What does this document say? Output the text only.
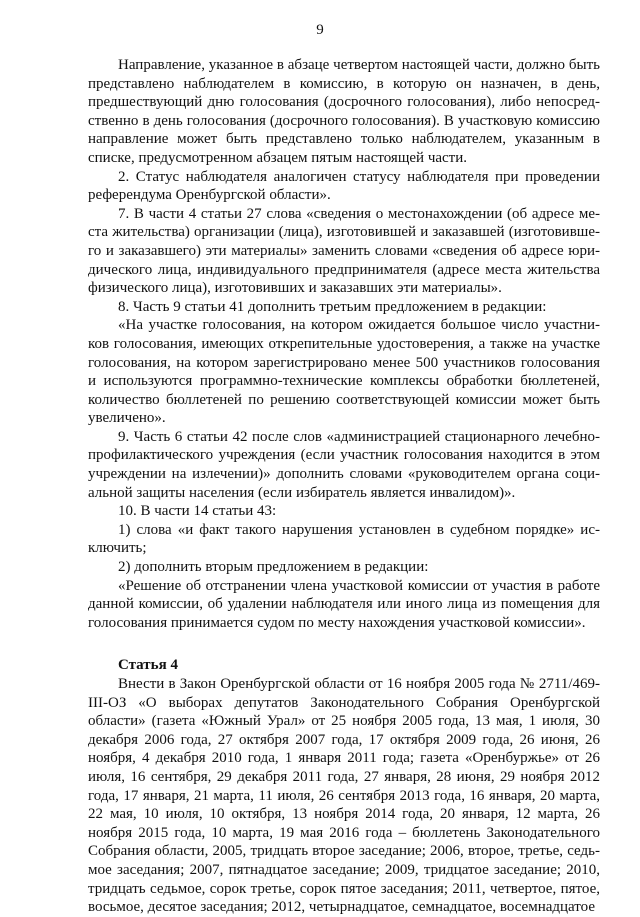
9

Направление, указанное в абзаце четвертом настоящей части, должно быть представлено наблюдателем в комиссию, в которую он назначен, в день, предшествующий дню голосования (досрочного голосования), либо непосредственно в день голосования (досрочного голосования). В участковую комиссию направление может быть представлено только наблюдателем, указанным в списке, предусмотренном абзацем пятым настоящей части.

2. Статус наблюдателя аналогичен статусу наблюдателя при проведении референдума Оренбургской области».

7. В части 4 статьи 27 слова «сведения о местонахождении (об адресе места жительства) организации (лица), изготовившей и заказавшей (изготовившего и заказавшего) эти материалы» заменить словами «сведения об адресе юридического лица, индивидуального предпринимателя (адресе места жительства физического лица), изготовивших и заказавших эти материалы».

8. Часть 9 статьи 41 дополнить третьим предложением в редакции:

«На участке голосования, на котором ожидается большое число участников голосования, имеющих открепительные удостоверения, а также на участке голосования, на котором зарегистрировано менее 500 участников голосования и используются программно-технические комплексы обработки бюллетеней, количество бюллетеней по решению соответствующей комиссии может быть увеличено».

9. Часть 6 статьи 42 после слов «администрацией стационарного лечебно-профилактического учреждения (если участник голосования находится в этом учреждении на излечении)» дополнить словами «руководителем органа социальной защиты населения (если избиратель является инвалидом)».

10. В части 14 статьи 43:

1) слова «и факт такого нарушения установлен в судебном порядке» исключить;

2) дополнить вторым предложением в редакции:

«Решение об отстранении члена участковой комиссии от участия в работе данной комиссии, об удалении наблюдателя или иного лица из помещения для голосования принимается судом по месту нахождения участковой комиссии».

Статья 4

Внести в Закон Оренбургской области от 16 ноября 2005 года № 2711/469-III-ОЗ «О выборах депутатов Законодательного Собрания Оренбургской области» (газета «Южный Урал» от 25 ноября 2005 года, 13 мая, 1 июля, 30 декабря 2006 года, 27 октября 2007 года, 17 октября 2009 года, 26 июня, 26 ноября, 4 декабря 2010 года, 1 января 2011 года; газета «Оренбуржье» от 26 июля, 16 сентября, 29 декабря 2011 года, 27 января, 28 июня, 29 ноября 2012 года, 17 января, 21 марта, 11 июля, 26 сентября 2013 года, 16 января, 20 марта, 22 мая, 10 июля, 10 октября, 13 ноября 2014 года, 20 января, 12 марта, 26 ноября 2015 года, 10 марта, 19 мая 2016 года – бюллетень Законодательного Собрания области, 2005, тридцать второе заседание; 2006, второе, третье, седьмое заседания; 2007, пятнадцатое заседание; 2009, тридцатое заседание; 2010, тридцать седьмое, сорок третье, сорок пятое заседания; 2011, четвертое, пятое, восьмое, десятое заседания; 2012, четырнадцатое, семнадцатое, восемнадцатое
